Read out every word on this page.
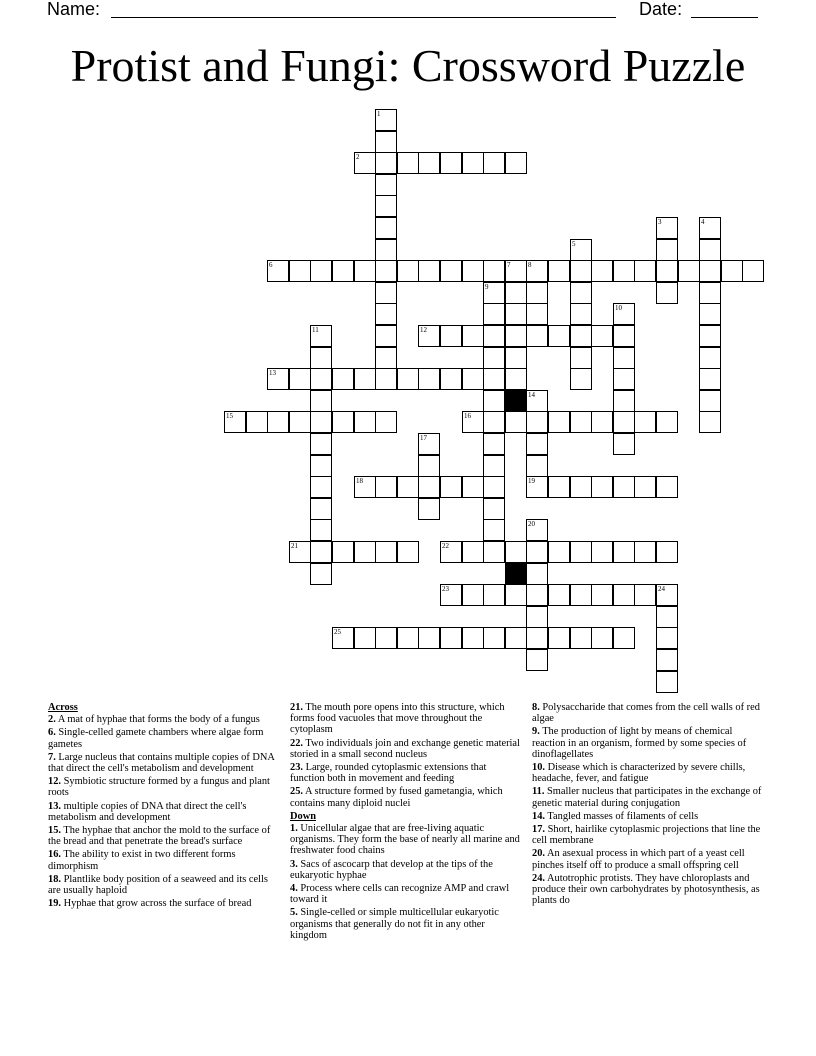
Name:	Date:
Protist and Fungi: Crossword Puzzle
1
2
3	4
5
6	7	8
9
10
11	12
13
14
19
15	16
17
18
20
21	22
23	24
25
Across
2. A mat of hyphae that forms the body of a fungus
6. Single-celled gamete chambers where algae form gametes
7. Large nucleus that contains multiple copies of DNA that direct the cell's metabolism and development
12. Symbiotic structure formed by a fungus and plant roots
13. multiple copies of DNA that direct the cell's metabolism and development
15. The hyphae that anchor the mold to the surface of the bread and that penetrate the bread's surface
16. The ability to exist in two different forms dimorphism
18. Plantlike body position of a seaweed and its cells are usually haploid
19. Hyphae that grow across the surface of bread
21. The mouth pore opens into this structure, which forms food vacuoles that move throughout the cytoplasm
22. Two individuals join and exchange genetic material storied in a small second nucleus
23. Large, rounded cytoplasmic extensions that function both in movement and feeding
25. A structure formed by fused gametangia, which contains many diploid nuclei
Down
1. Unicellular algae that are free-living aquatic organisms. They form the base of nearly all marine and freshwater food chains
3. Sacs of ascocarp that develop at the tips of the eukaryotic hyphae
4. Process where cells can recognize AMP and crawl toward it
5. Single-celled or simple multicellular eukaryotic organisms that generally do not fit in any other kingdom
8. Polysaccharide that comes from the cell walls of red algae
9. The production of light by means of chemical reaction in an organism, formed by some species of dinoflagellates
10. Disease which is characterized by severe chills, headache, fever, and fatigue
11. Smaller nucleus that participates in the exchange of genetic material during conjugation
14. Tangled masses of filaments of cells
17. Short, hairlike cytoplasmic projections that line the cell membrane
20. An asexual process in which part of a yeast cell pinches itself off to produce a small offspring cell
24. Autotrophic protists. They have chloroplasts and produce their own carbohydrates by photosynthesis, as plants do
